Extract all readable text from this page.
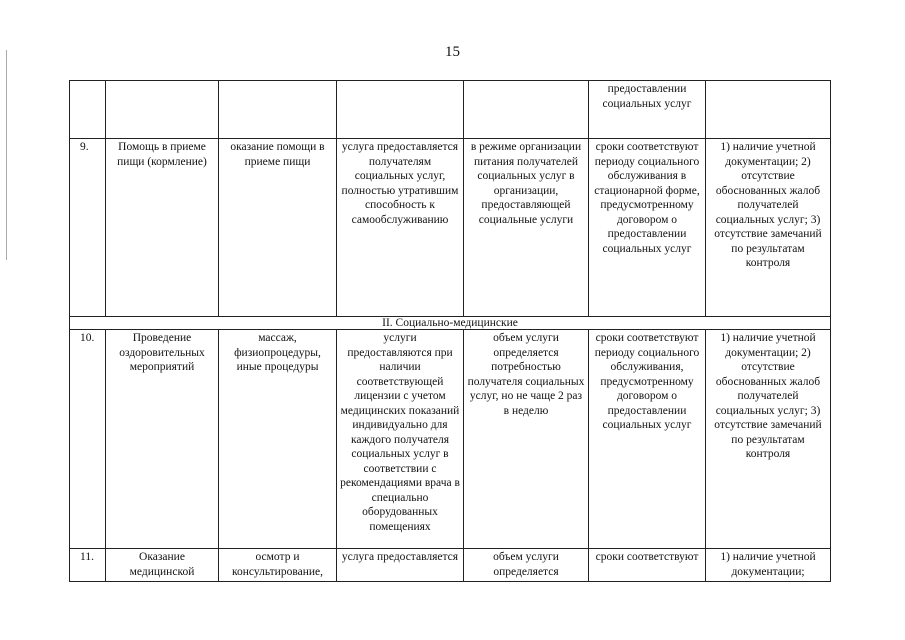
15
					предоставлении социальных услуг	
9.	Помощь в приеме пищи (кормление)	оказание помощи в приеме пищи	услуга предоставляется получателям социальных услуг, полностью утратившим способность к самообслуживанию	в режиме организации питания получателей социальных услуг в организации, предоставляющей социальные услуги	сроки соответствуют периоду социального обслуживания в стационарной форме, предусмотренному договором о предоставлении социальных услуг	1) наличие учетной документации; 2) отсутствие обоснованных жалоб получателей социальных услуг; 3) отсутствие замечаний по результатам контроля
II. Социально-медицинские						
10.	Проведение оздоровительных мероприятий	массаж, физиопроцедуры, иные процедуры	услуги предоставляются при наличии соответствующей лицензии с учетом медицинских показаний индивидуально для каждого получателя социальных услуг в соответствии с рекомендациями врача в специально оборудованных помещениях	объем услуги определяется потребностью получателя социальных услуг, но не чаще 2 раз в неделю	сроки соответствуют периоду социального обслуживания, предусмотренному договором о предоставлении социальных услуг	1) наличие учетной документации; 2) отсутствие обоснованных жалоб получателей социальных услуг; 3) отсутствие замечаний по результатам контроля
11.	Оказание медицинской	осмотр и консультирование,	услуга предоставляется	объем услуги определяется	сроки соответствуют	1) наличие учетной документации;
